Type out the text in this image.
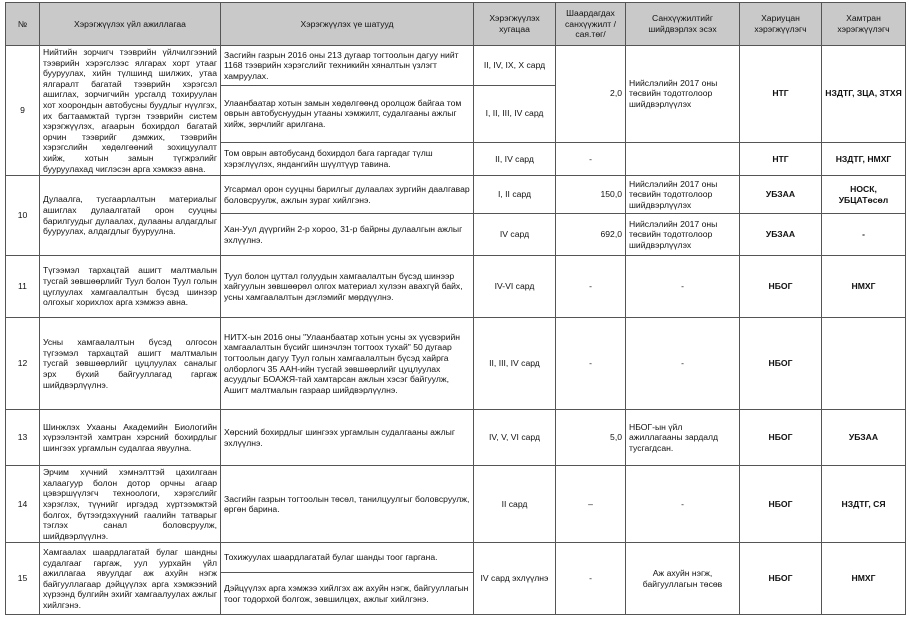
№	Хэрэгжүүлэх үйл ажиллагаа	Хэрэгжүүлэх үе шатууд	Хэрэгжүүлэх хугацаа	Шаардагдах санхүүжилт /сая.төг/	Санхүүжилтийг шийдвэрлэх эсэх	Хариуцан хэрэгжүүлэгч	Хамтран хэрэгжүүлэгч
9	Нийтийн зорчигч тээврийн үйлчилгээний тээврийн хэрэгслээс ялгарах хорт утааг бууруулах, хийн түлшинд шилжих, утаа ялгаралт багатай тээврийн хэрэгсэл ашиглах, зорчигчийн урсгалд тохируулан хот хоорондын автобусны буудлыг нүүлгэх, их багтаамжтай түргэн тээврийн систем хэрэгжүүлэх, агаарын бохирдол багатай орчин тээврийг дэмжих, тээврийн хэрэгслийн хөдөлгөөний зохицуулалт хийж, хотын замын түгжрэлийг бууруулахад чиглэсэн арга хэмжээ авна.	Засгийн газрын 2016 оны 213 дугаар тогтоолын дагуу нийт 1168 тээврийн хэрэгслийг техникийн хяналтын үзлэгт хамруулах.	II, IV, IX, X сард	2,0	Нийслэлийн 2017 оны төсвийн тодотголоор шийдвэрлүүлэх	НТГ	НЗДТГ, ЗЦА, ЗТХЯ
		Улаанбаатар хотын замын хөдөлгөөнд оролцож байгаа том оврын автобуснуудын утааны хэмжилт, судалгааны ажлыг хийж, зөрчлийг арилгана.	I, II, III, IV сард				
		Том оврын автобусанд бохирдол бага гаргадаг түлш хэрэглүүлэх, яндангийн шүүлтүүр тавина.	II, IV сард	-		НТГ	НЗДТГ, НМХГ
10	Дулаалга, тусгаарлалтын материалыг ашиглах дулаалгатай орон сууцны барилгуудыг дулаалах, дулааны алдагдлыг бууруулах, алдагдлыг бууруулна.	Угсармал орон сууцны барилгыг дулаалах зургийн даалгавар боловсруулж, ажлын зураг хийлгэнэ.	I, II сард	150,0	Нийслэлийн 2017 оны төсвийн тодотголоор шийдвэрлүүлэх	УБЗАА	НОСК, УБЦАТөсөл
		Хан-Уул дүүргийн 2-р хороо, 31-р байрны дулаалгын ажлыг эхлүүлнэ.	IV сард	692,0	Нийслэлийн 2017 оны төсвийн тодотголоор шийдвэрлүүлэх	УБЗАА	-
11	Түгээмэл тархацтай ашигт малтмалын тусгай зөвшөөрлийг Туул болон Туул голын цуглуулах хамгаалалтын бүсэд шинээр олгохыг хорихлох арга хэмжээ авна.	Туул болон цуттал голуудын хамгаалалтын бүсэд шинээр хайгуулын зөвшөөрөл олгох материал хүлээн авахгүй байх, усны хамгаалалтын дэглэмийг мөрдүүлнэ.	IV-VI сард	-	-	НБОГ	НМХГ
12	Усны хамгаалалтын бүсэд олгосон түгээмэл тархацтай ашигт малтмалын тусгай зөвшөөрлийг цуцлуулах саналыг эрх бүхий байгууллагад гаргаж шийдвэрлүүлнэ.	НИТХ-ын 2016 оны "Улаанбаатар хотын усны эх үүсвэрийн хамгаалалтын бүсийг шинэчлэн тогтоох тухай" 50 дугаар тогтоолын дагуу Туул голын хамгаалалтын бүсэд хайрга олборлогч 35 ААН-ийн тусгай зөвшөөрлийг цуцлуулах асуудлыг БОАЖЯ-тай хамтарсан ажлын хэсэг байгуулж, Ашигт малтмалын газраар шийдвэрлүүлнэ.	II, III, IV сард	-	-	НБОГ	
13	Шинжлэх Ухааны Академийн Биологийн хүрээлэнтэй хамтран хэрсний бохирдлыг шингээх ургамлын судалгаа явуулна.	Хөрсний бохирдлыг шингээх ургамлын судалгааны ажлыг эхлүүлнэ.	IV, V, VI сард	5,0	НБОГ-ын үйл ажиллагааны зардалд тусгагдсан.	НБОГ	УБЗАА
14	Эрчим хүчний хэмнэлттэй цахилгаан халаагуур болон дотор орчны агаар цэвэршүүлэгч техноологи, хэрэгслийг хэрэглэх, түүнийг иргэдэд хүртээмжтэй болгох, бүтээгдэхүүний гаалийн татварыг тэглэх санал боловсруулж, шийдвэрлүүлнэ.	Засгийн газрын тогтоолын төсөл, танилцуулгыг боловсруулж, өргөн барина.	II сард	–	-	НБОГ	НЗДТГ, СЯ
15	Хамгаалах шаардлагатай булаг шандны судалгааг гаргаж, уул уурхайн үйл ажиллагаа явуулдаг аж ахуйн нэгж байгууллагаар дэйцүүлэх арга хэмжээний хүрээнд булгийн эхийг хамгаалуулах ажлыг хийлгэнэ.	Тохижуулах шаардлагатай булаг шанды тоог гаргана.	IV сард эхлүүлнэ	-	Аж ахуйн нэгж, байгууллагын төсөв	НБОГ	НМХГ
		Дэйцүүлэх арга хэмжээ хийлгэх аж ахуйн нэгж, байгууллагын тоог тодорхой болгож, зөвшилцөх, ажлыг хийлгэнэ.					
